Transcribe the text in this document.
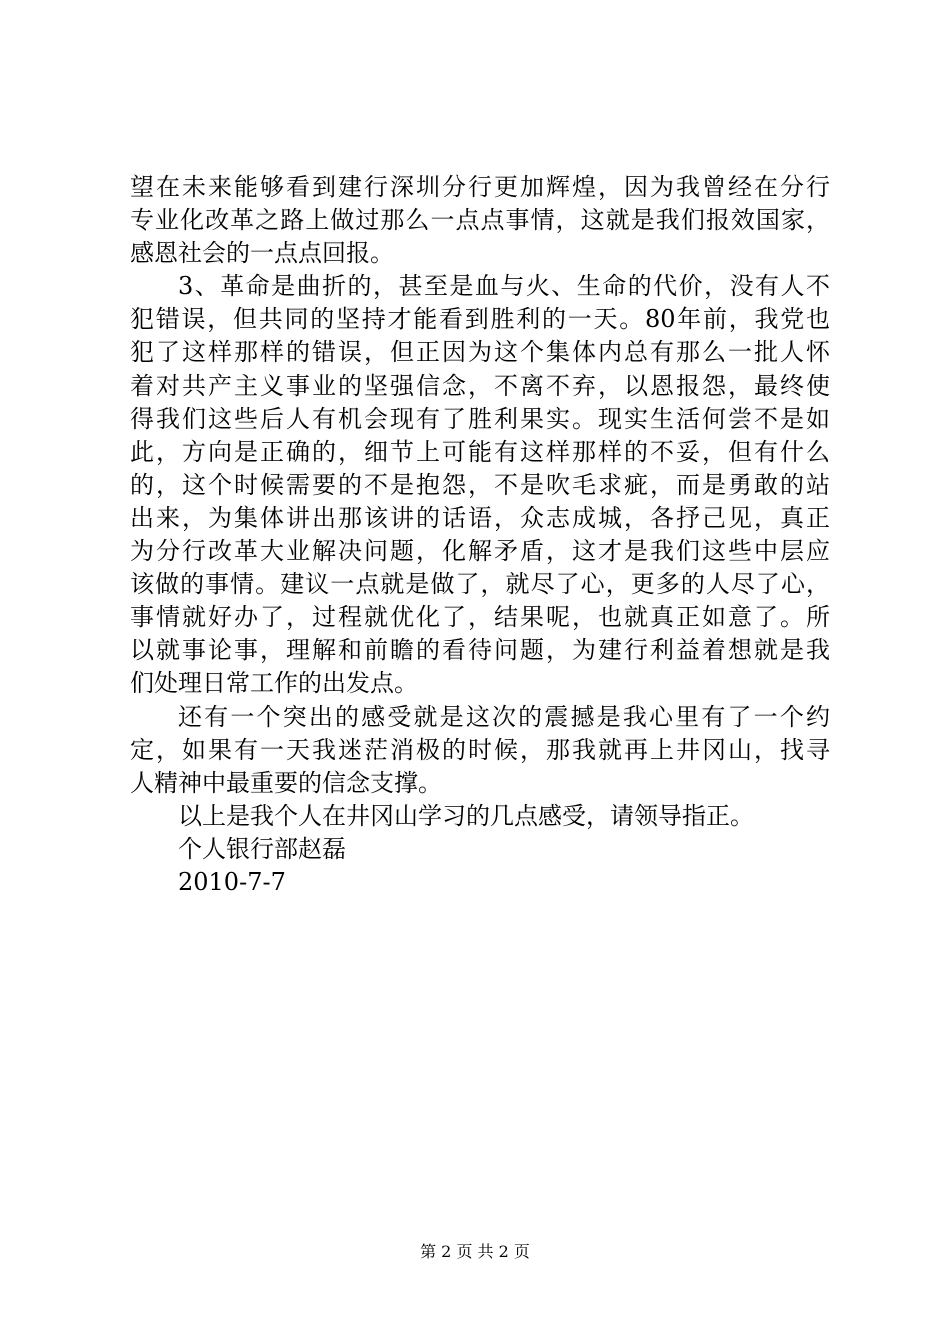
望在未来能够看到建行深圳分行更加辉煌，因为我曾经在分行
专业化改革之路上做过那么一点点事情，这就是我们报效国家，
感恩社会的一点点回报。
3、革命是曲折的，甚至是血与火、生命的代价，没有人不
犯错误，但共同的坚持才能看到胜利的一天。80年前，我党也
犯了这样那样的错误，但正因为这个集体内总有那么一批人怀
着对共产主义事业的坚强信念，不离不弃，以恩报怨，最终使
得我们这些后人有机会现有了胜利果实。现实生活何尝不是如
此，方向是正确的，细节上可能有这样那样的不妥，但有什么
的，这个时候需要的不是抱怨，不是吹毛求疵，而是勇敢的站
出来，为集体讲出那该讲的话语，众志成城，各抒己见，真正
为分行改革大业解决问题，化解矛盾，这才是我们这些中层应
该做的事情。建议一点就是做了，就尽了心，更多的人尽了心，
事情就好办了，过程就优化了，结果呢，也就真正如意了。所
以就事论事，理解和前瞻的看待问题，为建行利益着想就是我
们处理日常工作的出发点。
还有一个突出的感受就是这次的震撼是我心里有了一个约
定，如果有一天我迷茫消极的时候，那我就再上井冈山，找寻
人精神中最重要的信念支撑。
以上是我个人在井冈山学习的几点感受，请领导指正。
个人银行部赵磊
2010-7-7
第 2 页 共 2 页
